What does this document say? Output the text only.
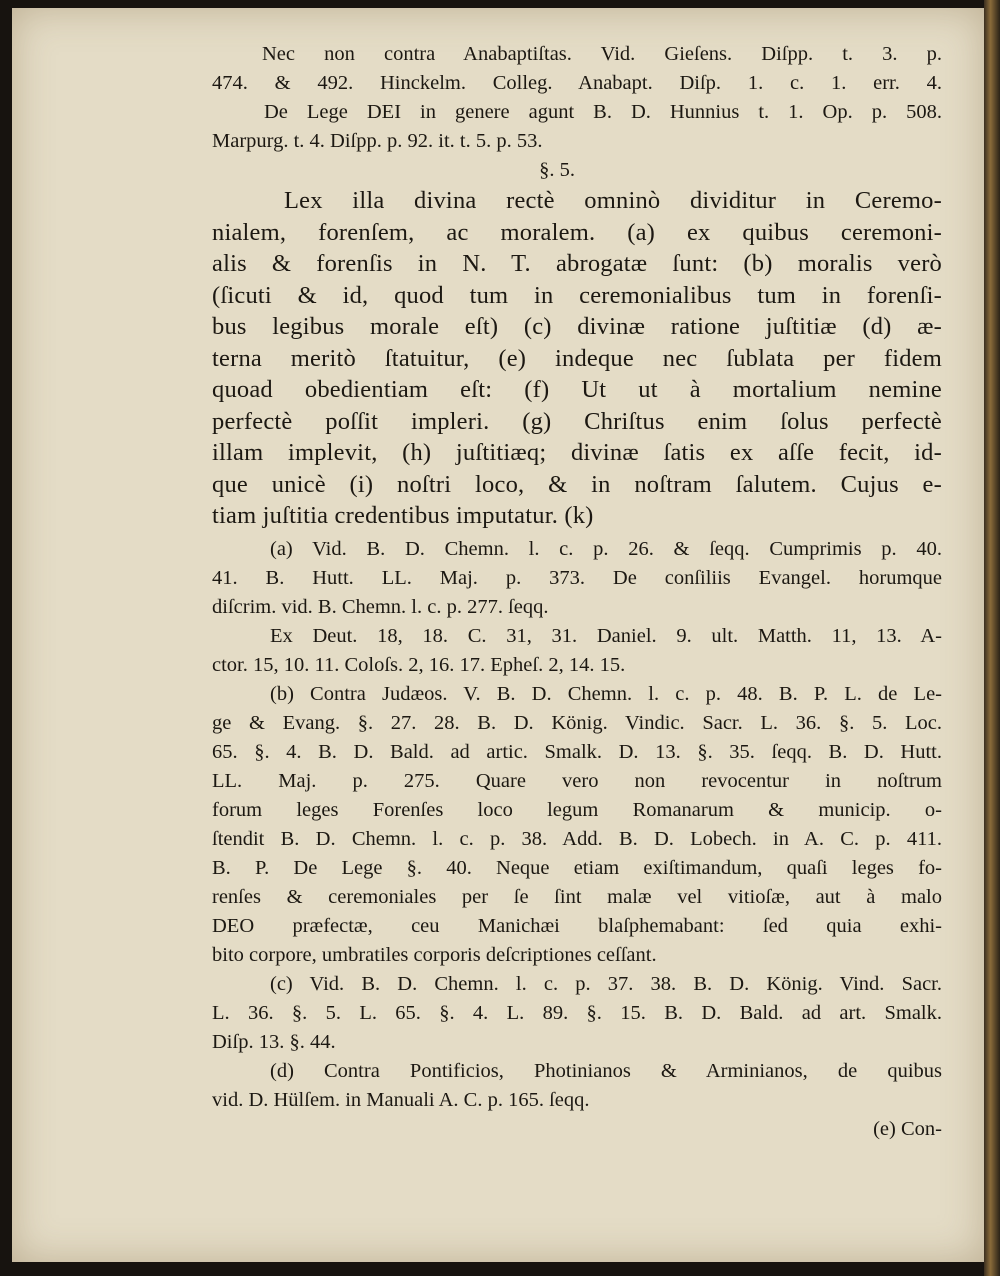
Nec non contra Anabaptiſtas. Vid. Gieſens. Diſpp. t. 3. p.
474. & 492. Hinckelm. Colleg. Anabapt. Diſp. 1. c. 1. err. 4.
De Lege DEI in genere agunt B. D. Hunnius t. 1. Op. p. 508.
Marpurg. t. 4. Diſpp. p. 92. it. t. 5. p. 53.
§. 5.
Lex illa divina rectè omninò dividitur in Ceremo-
nialem, forenſem, ac moralem. (a) ex quibus ceremoni-
alis & forenſis in N. T. abrogatæ ſunt: (b) moralis verò
(ſicuti & id, quod tum in ceremonialibus tum in forenſi-
bus legibus morale eſt) (c) divinæ ratione juſtitiæ (d) æ-
terna meritò ſtatuitur, (e) indeque nec ſublata per fidem
quoad obedientiam eſt: (f) Ut ut à mortalium nemine
perfectè poſſit impleri. (g) Chriſtus enim ſolus perfectè
illam implevit, (h) juſtitiæq; divinæ ſatis ex aſſe fecit, id-
que unicè (i) noſtri loco, & in noſtram ſalutem. Cujus e-
tiam juſtitia credentibus imputatur. (k)
(a) Vid. B. D. Chemn. l. c. p. 26. & ſeqq. Cumprimis p. 40.
41. B. Hutt. LL. Maj. p. 373. De conſiliis Evangel. horumque
diſcrim. vid. B. Chemn. l. c. p. 277. ſeqq.
Ex Deut. 18, 18. C. 31, 31. Daniel. 9. ult. Matth. 11, 13. A-
ctor. 15, 10. 11. Coloſs. 2, 16. 17. Epheſ. 2, 14. 15.
(b) Contra Judæos. V. B. D. Chemn. l. c. p. 48. B. P. L. de Le-
ge & Evang. §. 27. 28. B. D. König. Vindic. Sacr. L. 36. §. 5. Loc.
65. §. 4. B. D. Bald. ad artic. Smalk. D. 13. §. 35. ſeqq. B. D. Hutt.
LL. Maj. p. 275. Quare vero non revocentur in noſtrum
forum leges Forenſes loco legum Romanarum & municip. o-
ſtendit B. D. Chemn. l. c. p. 38. Add. B. D. Lobech. in A. C. p. 411.
B. P. De Lege §. 40. Neque etiam exiſtimandum, quaſi leges fo-
renſes & ceremoniales per ſe ſint malæ vel vitioſæ, aut à malo
DEO præfectæ, ceu Manichæi blaſphemabant: ſed quia exhi-
bito corpore, umbratiles corporis deſcriptiones ceſſant.
(c) Vid. B. D. Chemn. l. c. p. 37. 38. B. D. König. Vind. Sacr.
L. 36. §. 5. L. 65. §. 4. L. 89. §. 15. B. D. Bald. ad art. Smalk.
Diſp. 13. §. 44.
(d) Contra Pontificios, Photinianos & Arminianos, de quibus
vid. D. Hülſem. in Manuali A. C. p. 165. ſeqq.
(e) Con-
